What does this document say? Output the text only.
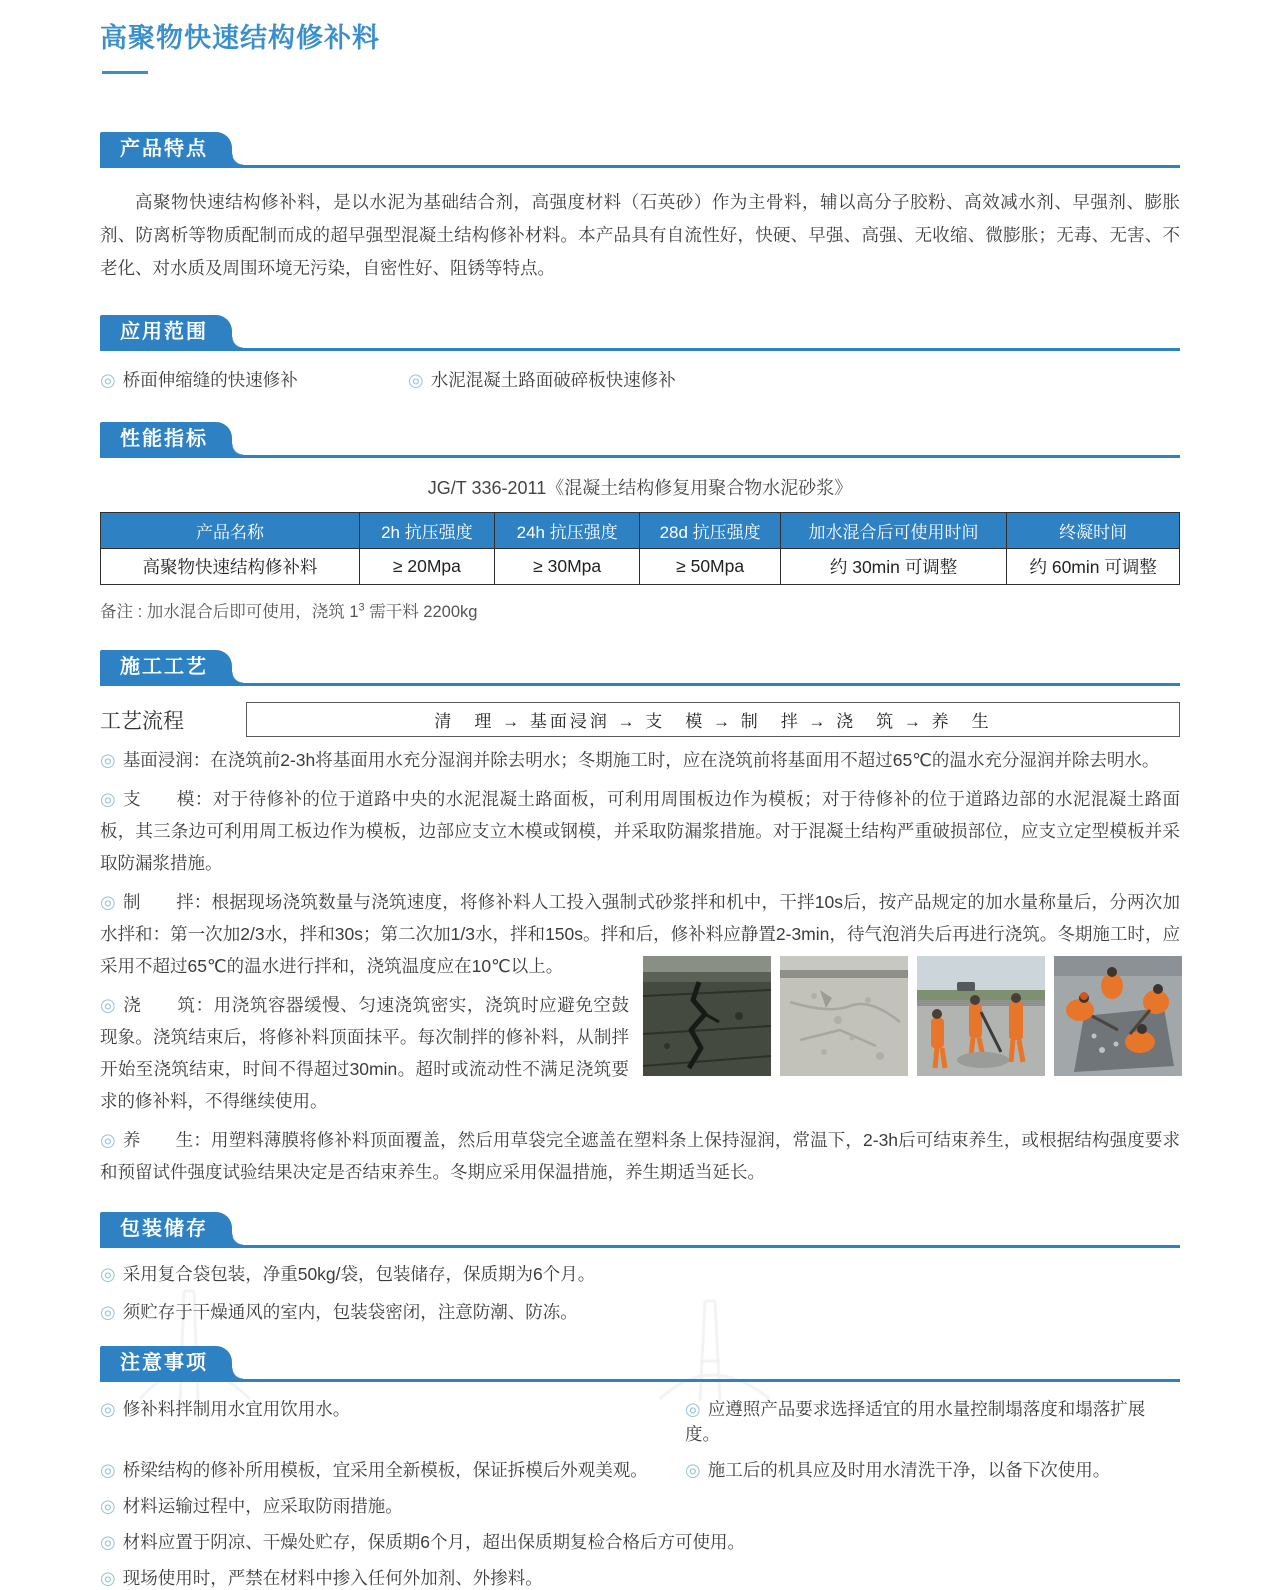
高聚物快速结构修补料
产品特点

高聚物快速结构修补料，是以水泥为基础结合剂，高强度材料（石英砂）作为主骨料，辅以高分子胶粉、高效减水剂、早强剂、膨胀剂、防离析等物质配制而成的超早强型混凝土结构修补材料。本产品具有自流性好，快硬、早强、高强、无收缩、微膨胀；无毒、无害、不老化、对水质及周围环境无污染，自密性好、阻锈等特点。

应用范围
◎ 桥面伸缩缝的快速修补	◎ 水泥混凝土路面破碎板快速修补
性能指标
JG/T 336-2011《混凝土结构修复用聚合物水泥砂浆》
产品名称	2h 抗压强度	24h 抗压强度	28d 抗压强度	加水混合后可使用时间	终凝时间
高聚物快速结构修补料	≥ 20Mpa	≥ 30Mpa	≥ 50Mpa	约 30min 可调整	约 60min 可调整
备注 : 加水混合后即可使用，浇筑 $1^3$ 需干料 2200kg
施工工艺
工艺流程	清　理 → 基面浸润 → 支　模 → 制　拌 → 浇　筑 → 养　生

◎ 基面浸润：在浇筑前2-3h将基面用水充分湿润并除去明水；冬期施工时，应在浇筑前将基面用不超过65℃的温水充分湿润并除去明水。

◎ 支　　模：对于待修补的位于道路中央的水泥混凝土路面板，可利用周围板边作为模板；对于待修补的位于道路边部的水泥混凝土路面板，其三条边可利用周工板边作为模板，边部应支立木模或钢模，并采取防漏浆措施。对于混凝土结构严重破损部位，应支立定型模板并采取防漏浆措施。

◎ 制　　拌：根据现场浇筑数量与浇筑速度，将修补料人工投入强制式砂浆拌和机中，干拌10s后，按产品规定的加水量称量后，分两次加水拌和：第一次加2/3水，拌和30s；第二次加1/3水，拌和150s。拌和后，修补料应静置2-3min，待气泡消失后再进行浇筑。冬期施工时，应采用不超过65℃的温水进行拌和，浇筑温度应在10℃以上。

◎ 浇　　筑：用浇筑容器缓慢、匀速浇筑密实，浇筑时应避免空鼓现象。浇筑结束后，将修补料顶面抹平。每次制拌的修补料，从制拌开始至浇筑结束，时间不得超过30min。超时或流动性不满足浇筑要求的修补料，不得继续使用。

◎ 养　　生：用塑料薄膜将修补料顶面覆盖，然后用草袋完全遮盖在塑料条上保持湿润，常温下，2-3h后可结束养生，或根据结构强度要求和预留试件强度试验结果决定是否结束养生。冬期应采用保温措施，养生期适当延长。

包装储存
◎ 采用复合袋包装，净重50kg/袋，包装储存，保质期为6个月。
◎ 须贮存于干燥通风的室内，包装袋密闭，注意防潮、防冻。
注意事项
◎ 修补料拌制用水宜用饮用水。	◎ 应遵照产品要求选择适宜的用水量控制塌落度和塌落扩展度。
◎ 桥梁结构的修补所用模板，宜采用全新模板，保证拆模后外观美观。	◎ 施工后的机具应及时用水清洗干净，以备下次使用。
◎ 材料运输过程中，应采取防雨措施。
◎ 材料应置于阴凉、干燥处贮存，保质期6个月，超出保质期复检合格后方可使用。
◎ 现场使用时，严禁在材料中掺入任何外加剂、外掺料。
